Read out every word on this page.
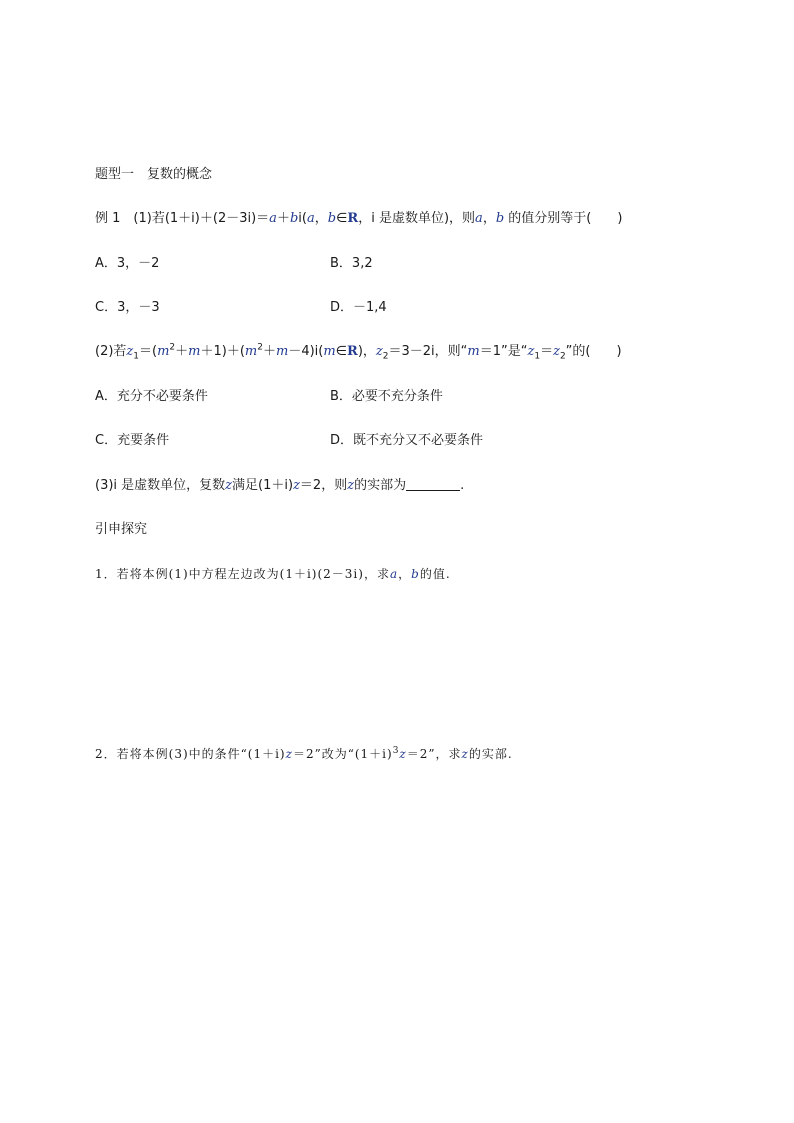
题型一　复数的概念
例 1　 (1)若(1＋i)＋(2－3i)＝a＋bi(a，b∈R，i 是虚数单位)，则a，b 的值分别等于(　　)
A．3，－2	B．3,2
C．3，－3	D．－1,4
(2)若$z_1=(m^2+m+1)+(m^2+m-4)i(m\in R)$，$z_2=3-2i$，则“m＝1”是“$z_1=z_2$”的(　　)
A．充分不必要条件	B．必要不充分条件
C．充要条件	D．既不充分又不必要条件
(3)i 是虚数单位，复数z满足(1＋i)z＝2，则z的实部为	.
引申探究
1．若将本例(1)中方程左边改为(1＋i)(2－3i)，求a，b的值.
2．若将本例(3)中的条件“(1＋i)z＝2”改为“$(1+i)^3z=2$”，求z的实部.
